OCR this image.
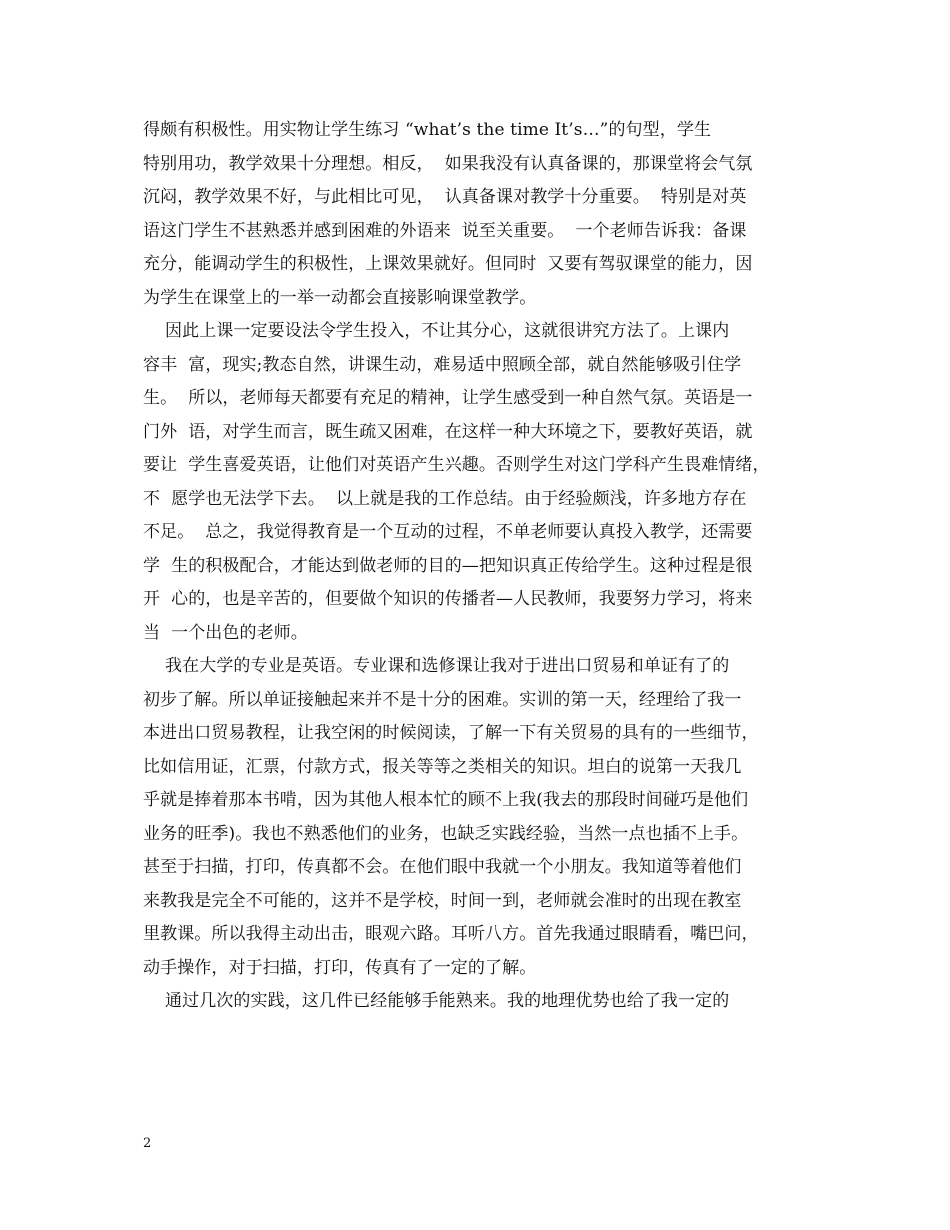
得颇有积极性。用实物让学生练习 “what’s the time It’s…”的句型，学生
特别用功，教学效果十分理想。相反，  如果我没有认真备课的，那课堂将会气氛
沉闷，教学效果不好，与此相比可见，  认真备课对教学十分重要。  特别是对英
语这门学生不甚熟悉并感到困难的外语来  说至关重要。  一个老师告诉我：备课
充分，能调动学生的积极性，上课效果就好。但同时  又要有驾驭课堂的能力，因
为学生在课堂上的一举一动都会直接影响课堂教学。
因此上课一定要设法令学生投入，不让其分心，这就很讲究方法了。上课内
容丰  富，现实;教态自然，讲课生动，难易适中照顾全部，就自然能够吸引住学
生。  所以，老师每天都要有充足的精神，让学生感受到一种自然气氛。英语是一
门外  语，对学生而言，既生疏又困难，在这样一种大环境之下，要教好英语，就
要让  学生喜爱英语，让他们对英语产生兴趣。否则学生对这门学科产生畏难情绪，
不  愿学也无法学下去。  以上就是我的工作总结。由于经验颇浅，许多地方存在
不足。  总之，我觉得教育是一个互动的过程，不单老师要认真投入教学，还需要
学  生的积极配合，才能达到做老师的目的—把知识真正传给学生。这种过程是很
开  心的，也是辛苦的，但要做个知识的传播者—人民教师，我要努力学习，将来
当  一个出色的老师。
我在大学的专业是英语。专业课和选修课让我对于进出口贸易和单证有了的
初步了解。所以单证接触起来并不是十分的困难。实训的第一天，经理给了我一
本进出口贸易教程，让我空闲的时候阅读，了解一下有关贸易的具有的一些细节，
比如信用证，汇票，付款方式，报关等等之类相关的知识。坦白的说第一天我几
乎就是捧着那本书啃，因为其他人根本忙的顾不上我(我去的那段时间碰巧是他们
业务的旺季)。我也不熟悉他们的业务，也缺乏实践经验，当然一点也插不上手。
甚至于扫描，打印，传真都不会。在他们眼中我就一个小朋友。我知道等着他们
来教我是完全不可能的，这并不是学校，时间一到，老师就会准时的出现在教室
里教课。所以我得主动出击，眼观六路。耳听八方。首先我通过眼睛看，嘴巴问，
动手操作，对于扫描，打印，传真有了一定的了解。
通过几次的实践，这几件已经能够手能熟来。我的地理优势也给了我一定的
2
